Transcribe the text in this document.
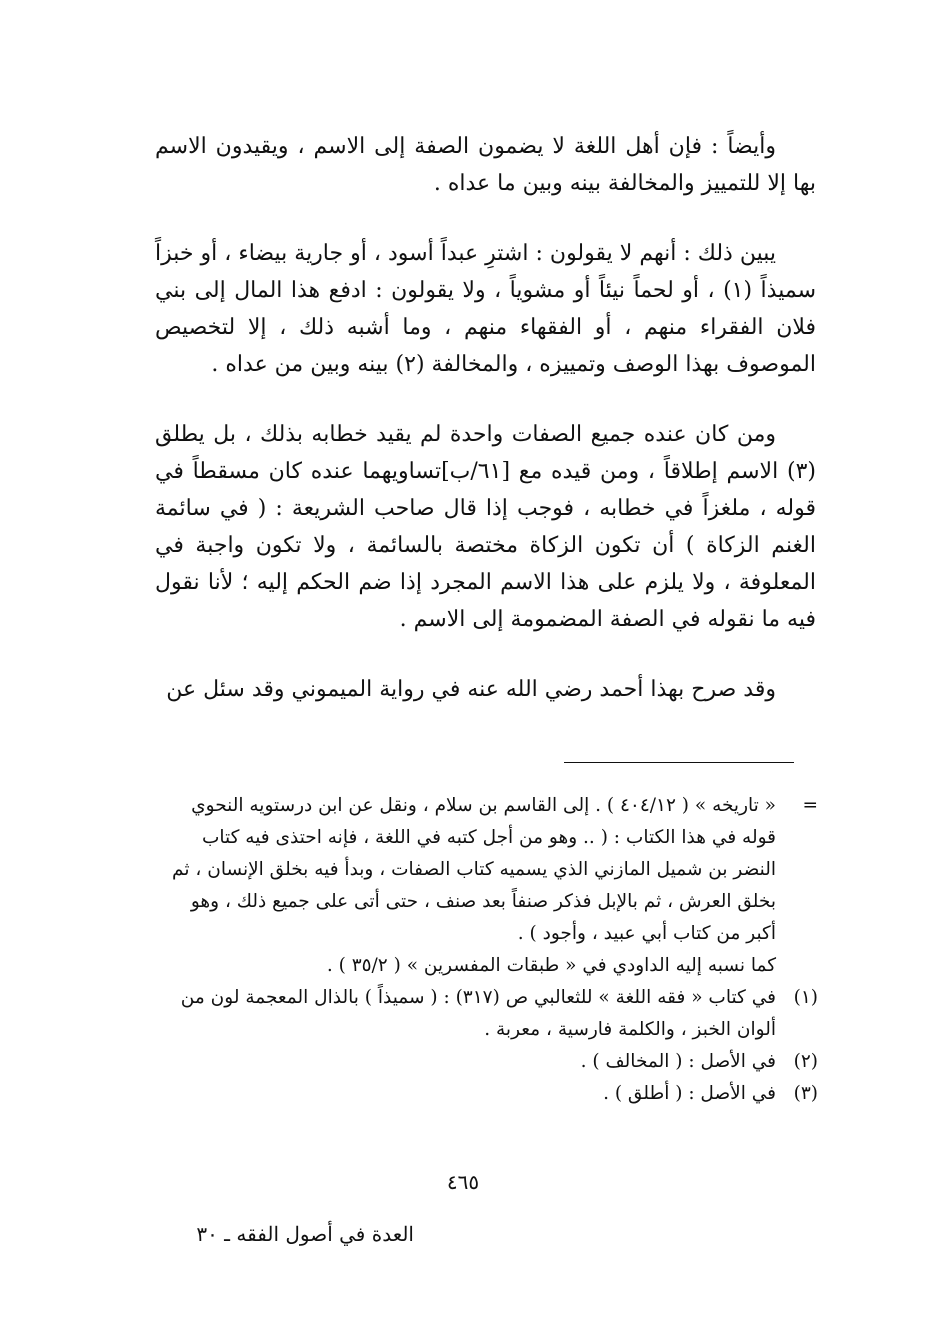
وأيضاً : فإن أهل اللغة لا يضمون الصفة إلى الاسم ، ويقيدون الاسم بها إلا للتمييز والمخالفة بينه وبين ما عداه .

يبين ذلك : أنهم لا يقولون : اشترِ عبداً أسود ، أو جارية بيضاء ، أو خبزاً سميذاً (١) ، أو لحماً نيئاً أو مشوياً ، ولا يقولون : ادفع هذا المال إلى بني فلان الفقراء منهم ، أو الفقهاء منهم ، وما أشبه ذلك ، إلا لتخصيص الموصوف بهذا الوصف وتمييزه ، والمخالفة (٢) بينه وبين من عداه .

ومن كان عنده جميع الصفات واحدة لم يقيد خطابه بذلك ، بل يطلق (٣) الاسم إطلاقاً ، ومن قيده مع [٦١/ب]تساويهما عنده كان مسقطاً في قوله ، ملغزاً في خطابه ، فوجب إذا قال صاحب الشريعة : ( في سائمة الغنم الزكاة ) أن تكون الزكاة مختصة بالسائمة ، ولا تكون واجبة في المعلوفة ، ولا يلزم على هذا الاسم المجرد إذا ضم الحكم إليه ؛ لأنا نقول فيه ما نقوله في الصفة المضمومة إلى الاسم .

وقد صرح بهذا أحمد رضي الله عنه في رواية الميموني وقد سئل عن

=
« تاريخه » ( ٤٠٤/١٢ ) . إلى القاسم بن سلام ، ونقل عن ابن درستويه النحوي
قوله في هذا الكتاب : ( .. وهو من أجل كتبه في اللغة ، فإنه احتذى فيه كتاب
النضر بن شميل المازني الذي يسميه كتاب الصفات ، وبدأ فيه بخلق الإنسان ، ثم
بخلق العرش ، ثم بالإبل فذكر صنفاً بعد صنف ، حتى أتى على جميع ذلك ، وهو
أكبر من كتاب أبي عبيد ، وأجود ) .
كما نسبه إليه الداودي في « طبقات المفسرين » ( ٣٥/٢ ) .
(١)
في كتاب « فقه اللغة » للثعالبي ص (٣١٧) : ( سميذاً ) بالذال المعجمة لون من
ألوان الخبز ، والكلمة فارسية ، معربة .
(٢)
في الأصل : ( المخالف ) .
(٣)
في الأصل : ( أطلق ) .
٤٦٥
العدة في أصول الفقه ـ ٣٠
